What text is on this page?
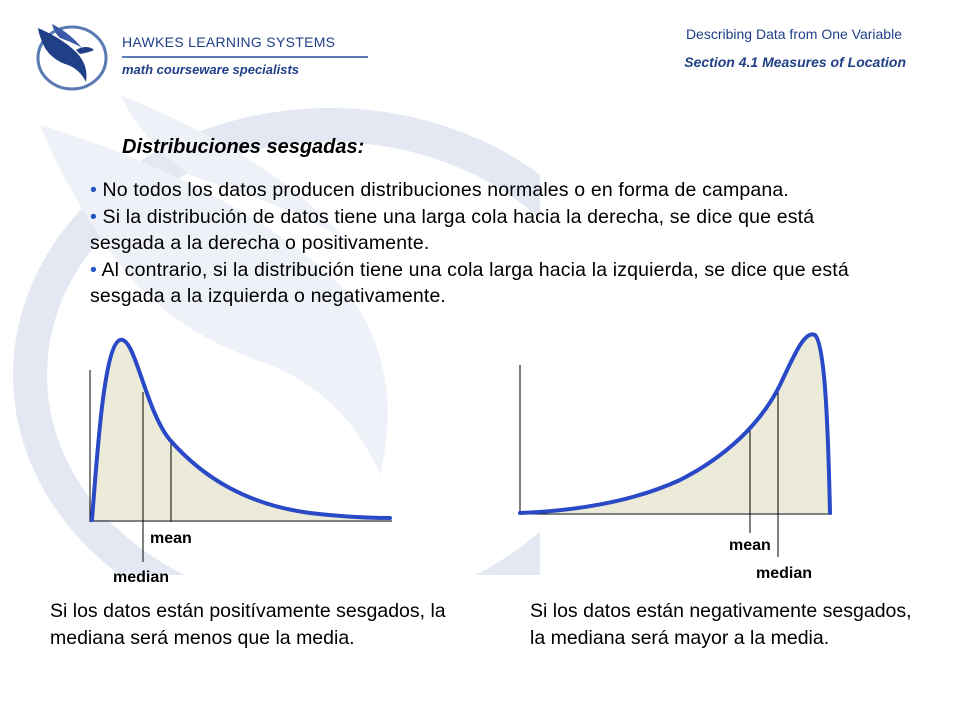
HAWKES LEARNING SYSTEMS
math courseware specialists
Describing Data from One Variable
Section 4.1 Measures of Location
Distribuciones sesgadas:
• No todos los datos producen distribuciones normales o en forma de campana.
• Si la distribución de datos tiene una larga cola hacia la derecha, se dice que está sesgada a la derecha o positivamente.
• Al contrario, si la distribución tiene una cola larga hacia la izquierda, se dice que está sesgada a la izquierda o negativamente.
mean
median
mean
median
Si los datos están positívamente sesgados, la mediana será menos que la media.
Si los datos están negativamente sesgados, la mediana será mayor a la media.
